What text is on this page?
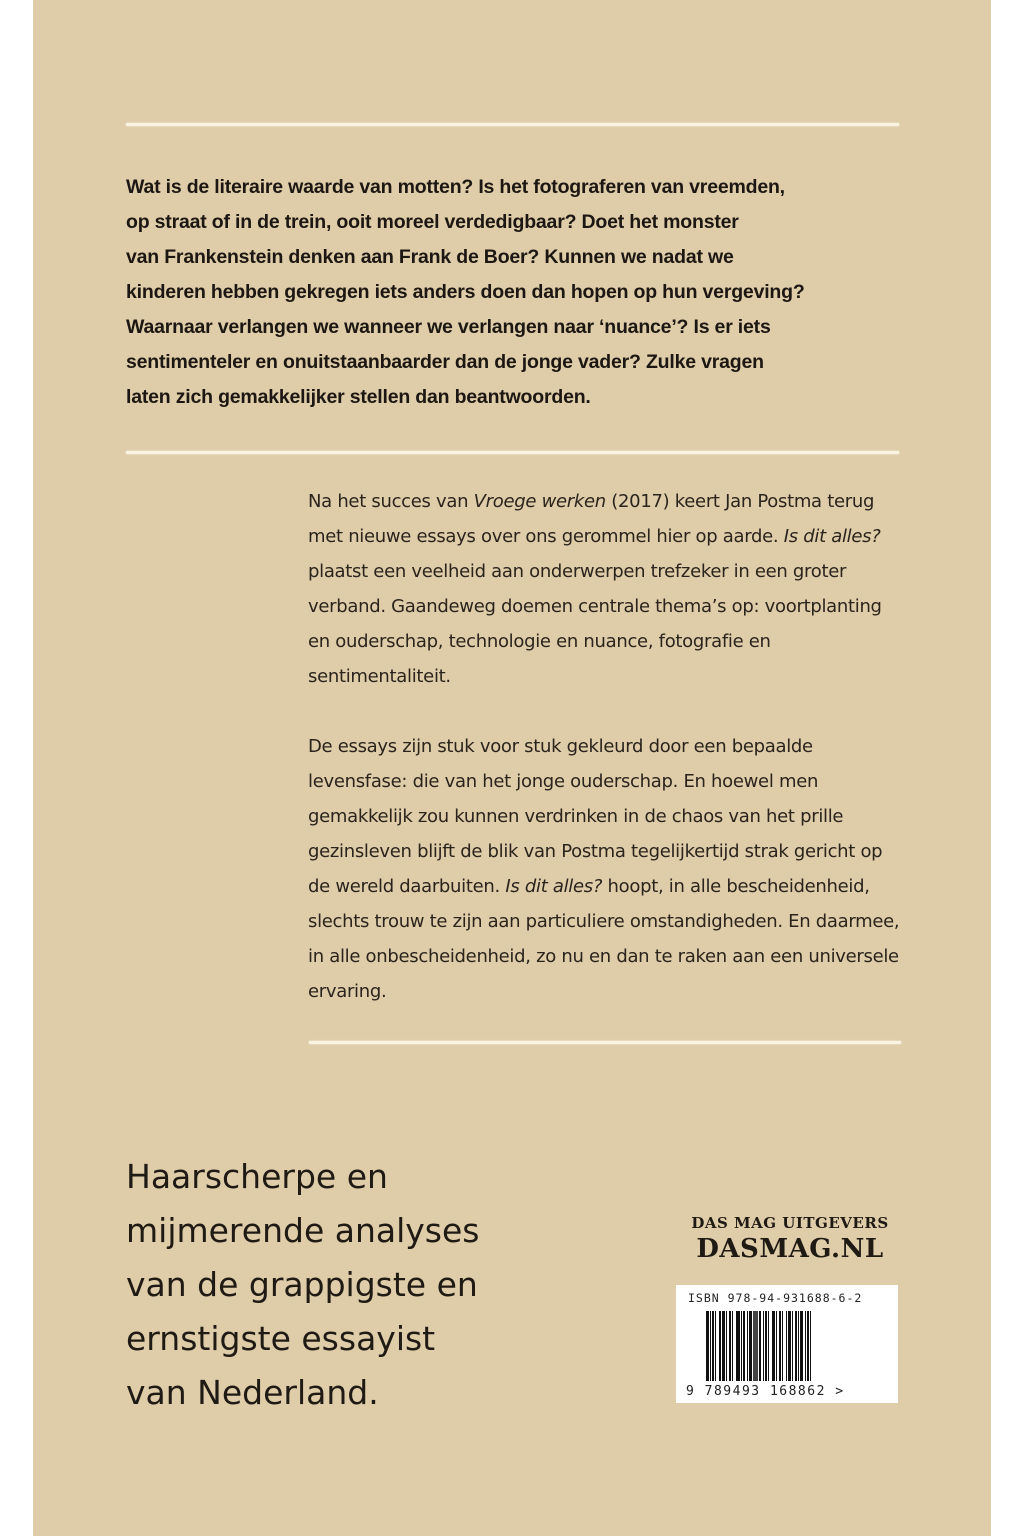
Wat is de literaire waarde van motten? Is het fotograferen van vreemden,
op straat of in de trein, ooit moreel verdedigbaar? Doet het monster
van Frankenstein denken aan Frank de Boer? Kunnen we nadat we
kinderen hebben gekregen iets anders doen dan hopen op hun vergeving?
Waarnaar verlangen we wanneer we verlangen naar ‘nuance’? Is er iets
sentimenteler en onuitstaanbaarder dan de jonge vader? Zulke vragen
laten zich gemakkelijker stellen dan beantwoorden.
Na het succes van Vroege werken (2017) keert Jan Postma terug met nieuwe essays over ons gerommel hier op aarde. Is dit alles? plaatst een veelheid aan onderwerpen trefzeker in een groter verband. Gaandeweg doemen centrale thema’s op: voortplanting en ouderschap, technologie en nuance, fotografie en sentimentaliteit.
De essays zijn stuk voor stuk gekleurd door een bepaalde levensfase: die van het jonge ouderschap. En hoewel men gemakkelijk zou kunnen verdrinken in de chaos van het prille gezinsleven blijft de blik van Postma tegelijkertijd strak gericht op de wereld daarbuiten. Is dit alles? hoopt, in alle bescheidenheid, slechts trouw te zijn aan particuliere omstandigheden. En daarmee, in alle onbescheidenheid, zo nu en dan te raken aan een universele ervaring.
Haarscherpe en
mijmerende analyses
van de grappigste en
ernstigste essayist
van Nederland.
DAS MAG UITGEVERS
DASMAG.NL
ISBN 978-94-931688-6-2
9 789493 168862 >
